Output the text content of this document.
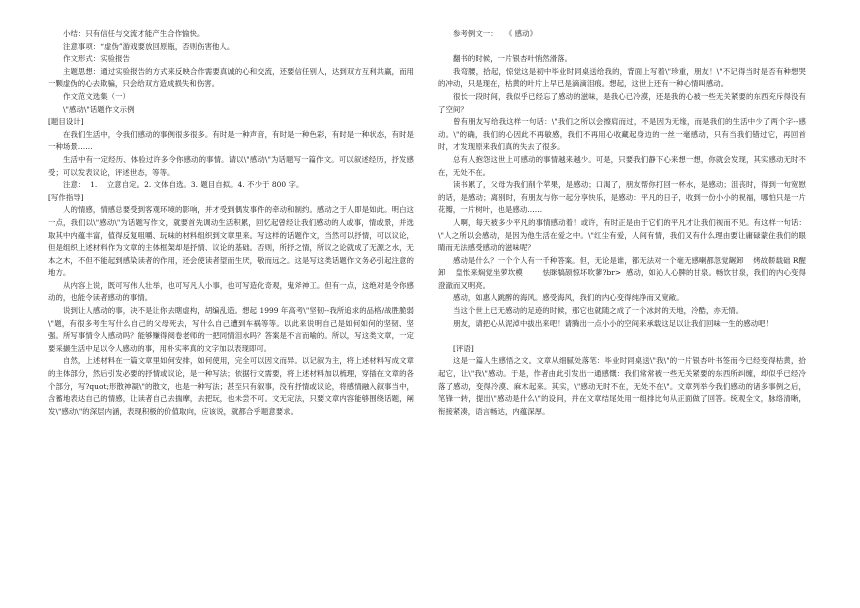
小结：只有信任与交流才能产生合作愉快。

注意事项：“虚伪”游戏要放回原瓶，否则伤害他人。

作文形式：实验报告

主题思想：通过实验报告的方式来反映合作需要真诚的心和交流，还要信任别人，达到双方互利共赢，而用一颗虚伪的心去欺骗，只会给双方造成损失和伤害。

作文范文选集（一）

\"感动\"话题作文示例

[题目设计]

在我们生活中，令我们感动的事例很多很多。有时是一种声音，有时是一种色彩，有时是一种状态，有时是一种场景……

生活中有一定经历、体验过许多令你感动的事情。请以\"感动\"为话题写一篇作文。可以叙述经历，抒发感受；可以发表议论，评述世态，等等。

注意：  1.    立意自定。2. 文体自选。3. 题目自拟。4. 不少于 800 字。

[写作指导]

人的情感，情感总要受到客观环境的影响，并才受到偶发事件的牵动和制约。感动之于人即是如此。明白这一点，我们以\"感动\"为话题写作文，就要首先调动生活积累，回忆起曾经让我们感动的人或事，情或景，并选取其中内蕴丰富，值得反复咀嚼、玩味的材料组织到文章里来。写这样的话题作文，当然可以抒情，可以议论，但是组织上述材料作为文章的主体框架却是抒情、议论的基础。否则，所抒之情，所议之论就成了无源之水，无本之木，不但不能起到感染读者的作用，还会使读者望而生厌，敬而远之。这是写这类话题作文务必引起注意的地方。

从内容上说，既可写伟人壮举，也可写凡人小事，也可写造化奇观，鬼斧神工。但有一点，这绝对是令你感动的，也能令读者感动的事情。

说到让人感动的事，决不是让你去瞎虚构，胡编乱造。想起 1999 年高考\"坚韧--我所追求的品格/战胜脆弱\"题，有很多考生写什么自己的父母死去，写什么自己遭到车祸等等。以此来说明自己是如何如何的坚韧、坚强。所写事情令人感动吗？能够赚得阅卷老师的一把同情泪水吗？答案是不言而喻的。所以，写这类文章，一定要采撷生活中足以令人感动的事，用朴实率真的文字加以表现即可。

自然，上述材料在一篇文章里如何安排，如何使用，完全可以因文而异。以记叙为主，将上述材料写成文章的主体部分，然后引发必要的抒情或议论，是一种写法；依据行文需要，将上述材料加以梳理，穿插在文章的各个部分，写?quot;形散神凝\"的散文，也是一种写法；甚至只有叙事，没有抒情或议论，将感情融入叙事当中，含蓄地表达自己的情感，让读者自己去揣摩，去把玩，也未尝不可。文无定法，只要文章内容能够围绕话题，阐发\"感动\"的深层内涵，表现积极的价值取向，应该说，就都合乎题意要求。

参考例文一：   《 感动》

翻书的时候，一片银杏叶悄然滑落。

我弯腰，拾起，惊觉这是初中毕业时同桌送给我的，背面上写着\"珍重，朋友！\"不记得当时是否有种想哭的冲动，只是现在，枯黄的叶片上早已是滴滴泪痕。想起，这世上还有一种心情叫感动。

很长一段时间，我似乎已经忘了感动的滋味，是我心已冷漠，还是我的心被一些无关紧要的东西充斥得没有了空间？

曾有朋友写给我这样一句话：\"我们之所以会擦肩而过，不是因为无缘，而是我们的生活中少了两个字--感动。\"的确，我们的心因此不再敏感，我们不再用心收藏起身边的一丝一毫感动，只有当我们错过它，再回首时，才发现原来我们真的失去了很多。

总有人抱怨这世上可感动的事情越来越少。可是，只要我们静下心来想一想，你就会发现，其实感动无时不在，无处不在。

读书累了，父母为我们削个苹果，是感动；口渴了，朋友帮你打回一杯水，是感动；沮丧时，得到一句宽慰的话，是感动；离别时，有朋友与你一起分享快乐，是感动：平凡的日子，收到一份小小的祝福，哪怕只是一片花瓣，一片树叶，也是感动……

人啊，每天被多少平凡的事情感动着！或许，有时正是由于它们的平凡才让我们视而不见。有这样一句话：\"人之所以会感动，是因为他生活在爱之中。\"红尘有爱，人间有情，我们又有什么理由要让庸碌蒙住我们的眼睛而无法感受感动的滋味呢？

感动是什么？一个个人有一千种答案。但，无论是谁，都无法对一个毫无感喇都忽觉龌卸    烤故鞒载础 R醒    卸    皇怅来焖觉坐萝坎模        怯眯犒颉惊坏吹蓼?br>  感动，如沁人心脾的甘泉。畅饮甘泉，我们的内心变得澄澈而又明亮。

感动，如惠人跳醉的海风。感受海风，我们的内心变得纯净而又宽敞。

当这个世上已无感动的足迹的时候，那它也就随之成了一个冰封的天地，冷酷，亦无情。

朋友，请把心从泥淖中拔出来吧！请腾出一点小小的空间来承载这足以让我们回味一生的感动吧！

[评语]

这是一篇人生感悟之文。文章从细腻处落笔：毕业时同桌送\"我\"的一片银杏叶书签而今已经变得枯黄，拾起它，让\"我\"感动。于是，作者由此引发出一通感慨：我们常常被一些无关紧要的东西所纠缠，却似乎已经冷落了感动，变得冷漠、麻木起来。其实，\"感动无时不在，无处不在\"。文章列举今我们感动的诸多事例之后，笔锋一转，提出\"感动是什么\"的设问，并在文章结尾处用一组排比句从正面做了回答。统观全文，脉络清晰，衔接紧凑，语言畅达，内蕴深厚。
